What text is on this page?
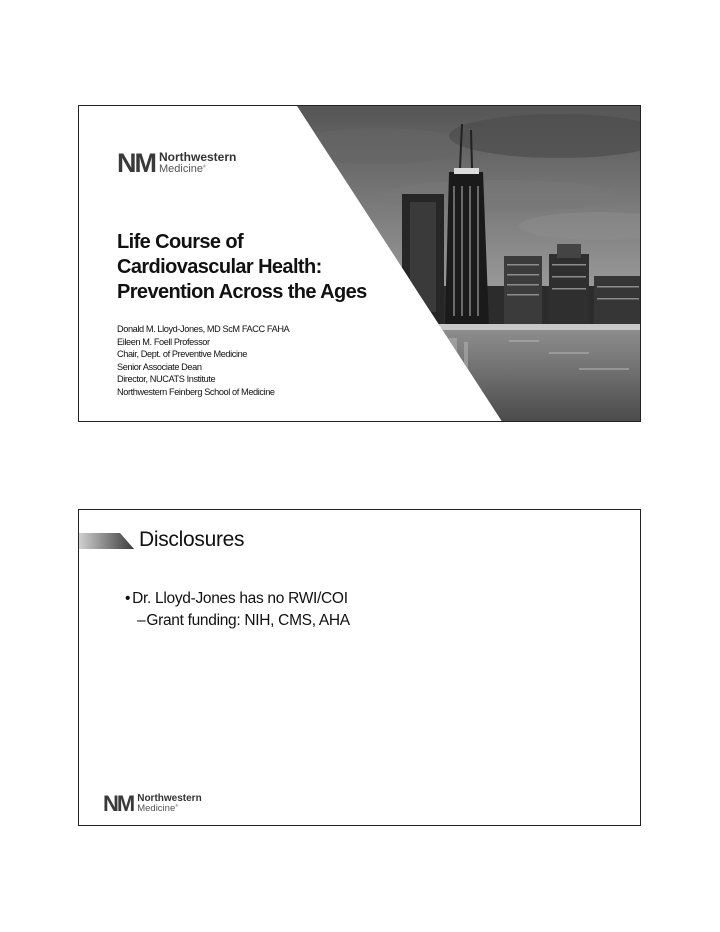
NM Northwestern
Medicine®
Life Course of
Cardiovascular Health:
Prevention Across the Ages
Donald M. Lloyd-Jones, MD ScM FACC FAHA
Eileen M. Foell Professor
Chair, Dept. of Preventive Medicine
Senior Associate Dean
Director, NUCATS Institute
Northwestern Feinberg School of Medicine
Disclosures
• Dr. Lloyd-Jones has no RWI/COI
– Grant funding: NIH, CMS, AHA
NM Northwestern
Medicine®
